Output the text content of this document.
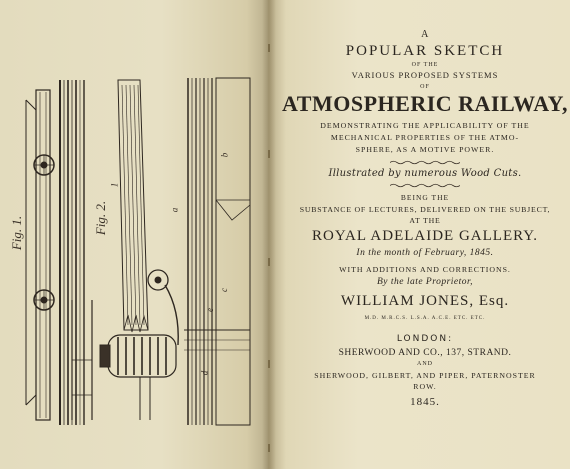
Fig. 1.	Fig. 2.	a
b
c
d
e
1
A
POPULAR SKETCH
OF THE
VARIOUS PROPOSED SYSTEMS
OF
ATMOSPHERIC RAILWAY,
DEMONSTRATING THE APPLICABILITY OF THE
MECHANICAL PROPERTIES OF THE ATMO-
SPHERE, AS A MOTIVE POWER.
Illustrated by numerous Wood Cuts.
BEING THE
SUBSTANCE OF LECTURES, DELIVERED ON THE SUBJECT,
AT THE
ROYAL ADELAIDE GALLERY.
In the month of February, 1845.
WITH ADDITIONS AND CORRECTIONS.
By the late Proprietor,
WILLIAM JONES, Esq.
M.D. M.R.C.S. L.S.A. A.C.E. ETC. ETC.
LONDON:
SHERWOOD AND CO., 137, STRAND.
AND
SHERWOOD, GILBERT, AND PIPER, PATERNOSTER
ROW.
1845.
